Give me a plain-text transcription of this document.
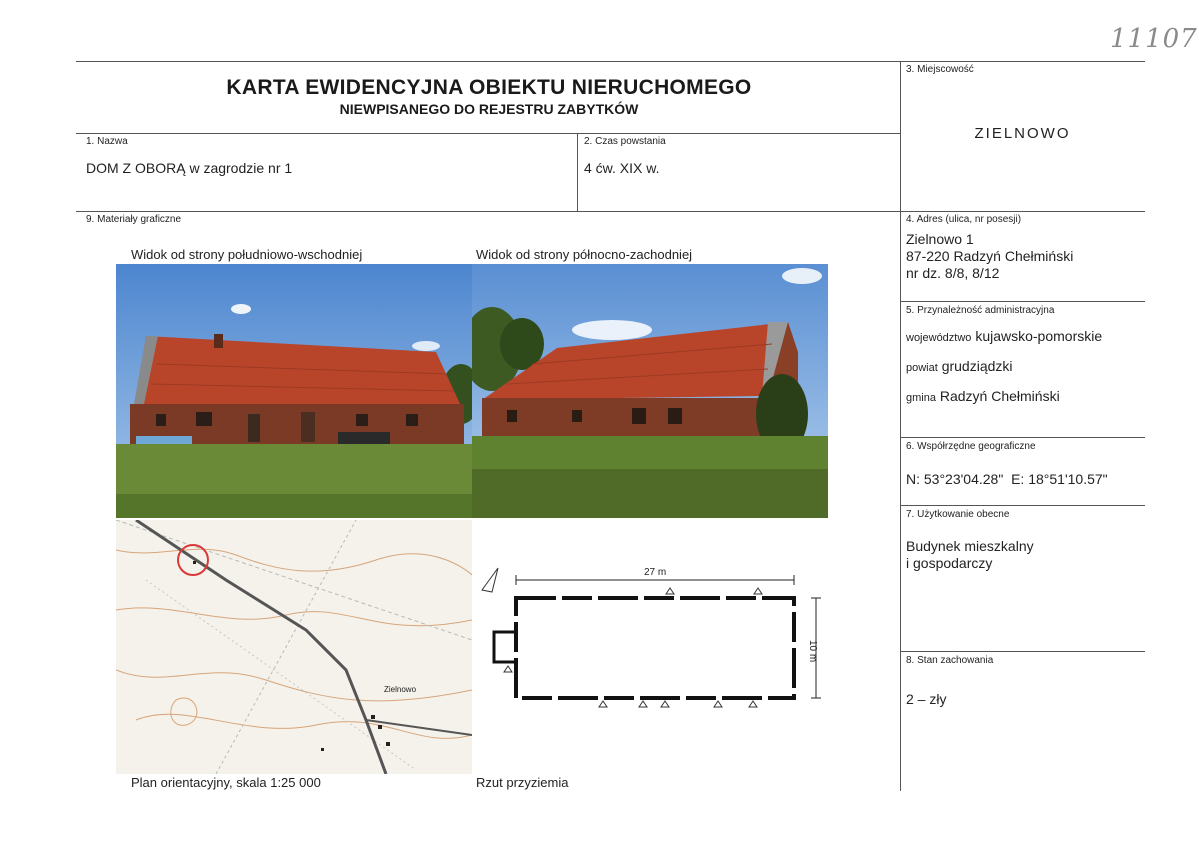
11107
KARTA EWIDENCYJNA OBIEKTU NIERUCHOMEGO
NIEWPISANEGO DO REJESTRU ZABYTKÓW
1. Nazwa
DOM Z OBORĄ w zagrodzie nr 1
2. Czas powstania
4 ćw. XIX w.
3. Miejscowość
ZIELNOWO
4. Adres (ulica, nr posesji)
Zielnowo 1
87-220 Radzyń Chełmiński
nr dz. 8/8, 8/12
5. Przynależność administracyjna
województwo kujawsko-pomorskie
powiat grudziądzki
gmina Radzyń Chełmiński
6. Współrzędne geograficzne
N: 53°23'04.28"  E: 18°51'10.57"
7. Użytkowanie obecne
Budynek mieszkalny
i gospodarczy
8. Stan zachowania
2 – zły
9. Materiały graficzne
Widok od strony południowo-wschodniej	Widok od strony północno-zachodniej
Plan orientacyjny, skala 1:25 000	Rzut przyziemia
Zielnowo
27 m
10 m
